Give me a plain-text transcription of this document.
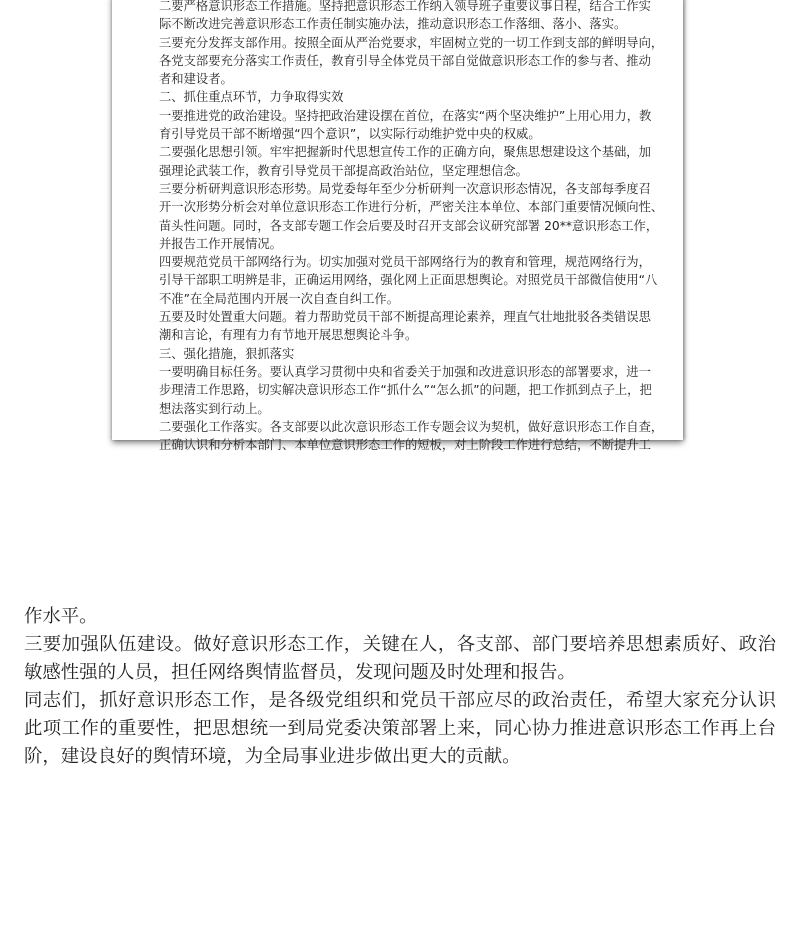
二要严格意识形态工作措施。坚持把意识形态工作纳入领导班子重要议事日程，结合工作实
际不断改进完善意识形态工作责任制实施办法，推动意识形态工作落细、落小、落实。
三要充分发挥支部作用。按照全面从严治党要求，牢固树立党的一切工作到支部的鲜明导向，
各党支部要充分落实工作责任，教育引导全体党员干部自觉做意识形态工作的参与者、推动
者和建设者。
二、抓住重点环节，力争取得实效
一要推进党的政治建设。坚持把政治建设摆在首位，在落实“两个坚决维护”上用心用力，教
育引导党员干部不断增强“四个意识”，以实际行动维护党中央的权威。
二要强化思想引领。牢牢把握新时代思想宣传工作的正确方向，聚焦思想建设这个基础，加
强理论武装工作，教育引导党员干部提高政治站位，坚定理想信念。
三要分析研判意识形态形势。局党委每年至少分析研判一次意识形态情况，各支部每季度召
开一次形势分析会对单位意识形态工作进行分析，严密关注本单位、本部门重要情况倾向性、
苗头性问题。同时，各支部专题工作会后要及时召开支部会议研究部署 20**意识形态工作，
并报告工作开展情况。
四要规范党员干部网络行为。切实加强对党员干部网络行为的教育和管理，规范网络行为，
引导干部职工明辨是非，正确运用网络，强化网上正面思想舆论。对照党员干部微信使用“八
不准”在全局范围内开展一次自查自纠工作。
五要及时处置重大问题。着力帮助党员干部不断提高理论素养，理直气壮地批驳各类错误思
潮和言论，有理有力有节地开展思想舆论斗争。
三、强化措施，狠抓落实
一要明确目标任务。要认真学习贯彻中央和省委关于加强和改进意识形态的部署要求，进一
步理清工作思路，切实解决意识形态工作“抓什么”“怎么抓”的问题，把工作抓到点子上，把
想法落实到行动上。
二要强化工作落实。各支部要以此次意识形态工作专题会议为契机，做好意识形态工作自查，
正确认识和分析本部门、本单位意识形态工作的短板，对上阶段工作进行总结，不断提升工
作水平。
三要加强队伍建设。做好意识形态工作，关键在人，各支部、部门要培养思想素质好、政治
敏感性强的人员，担任网络舆情监督员，发现问题及时处理和报告。
同志们，抓好意识形态工作，是各级党组织和党员干部应尽的政治责任，希望大家充分认识
此项工作的重要性，把思想统一到局党委决策部署上来，同心协力推进意识形态工作再上台
阶，建设良好的舆情环境，为全局事业进步做出更大的贡献。
